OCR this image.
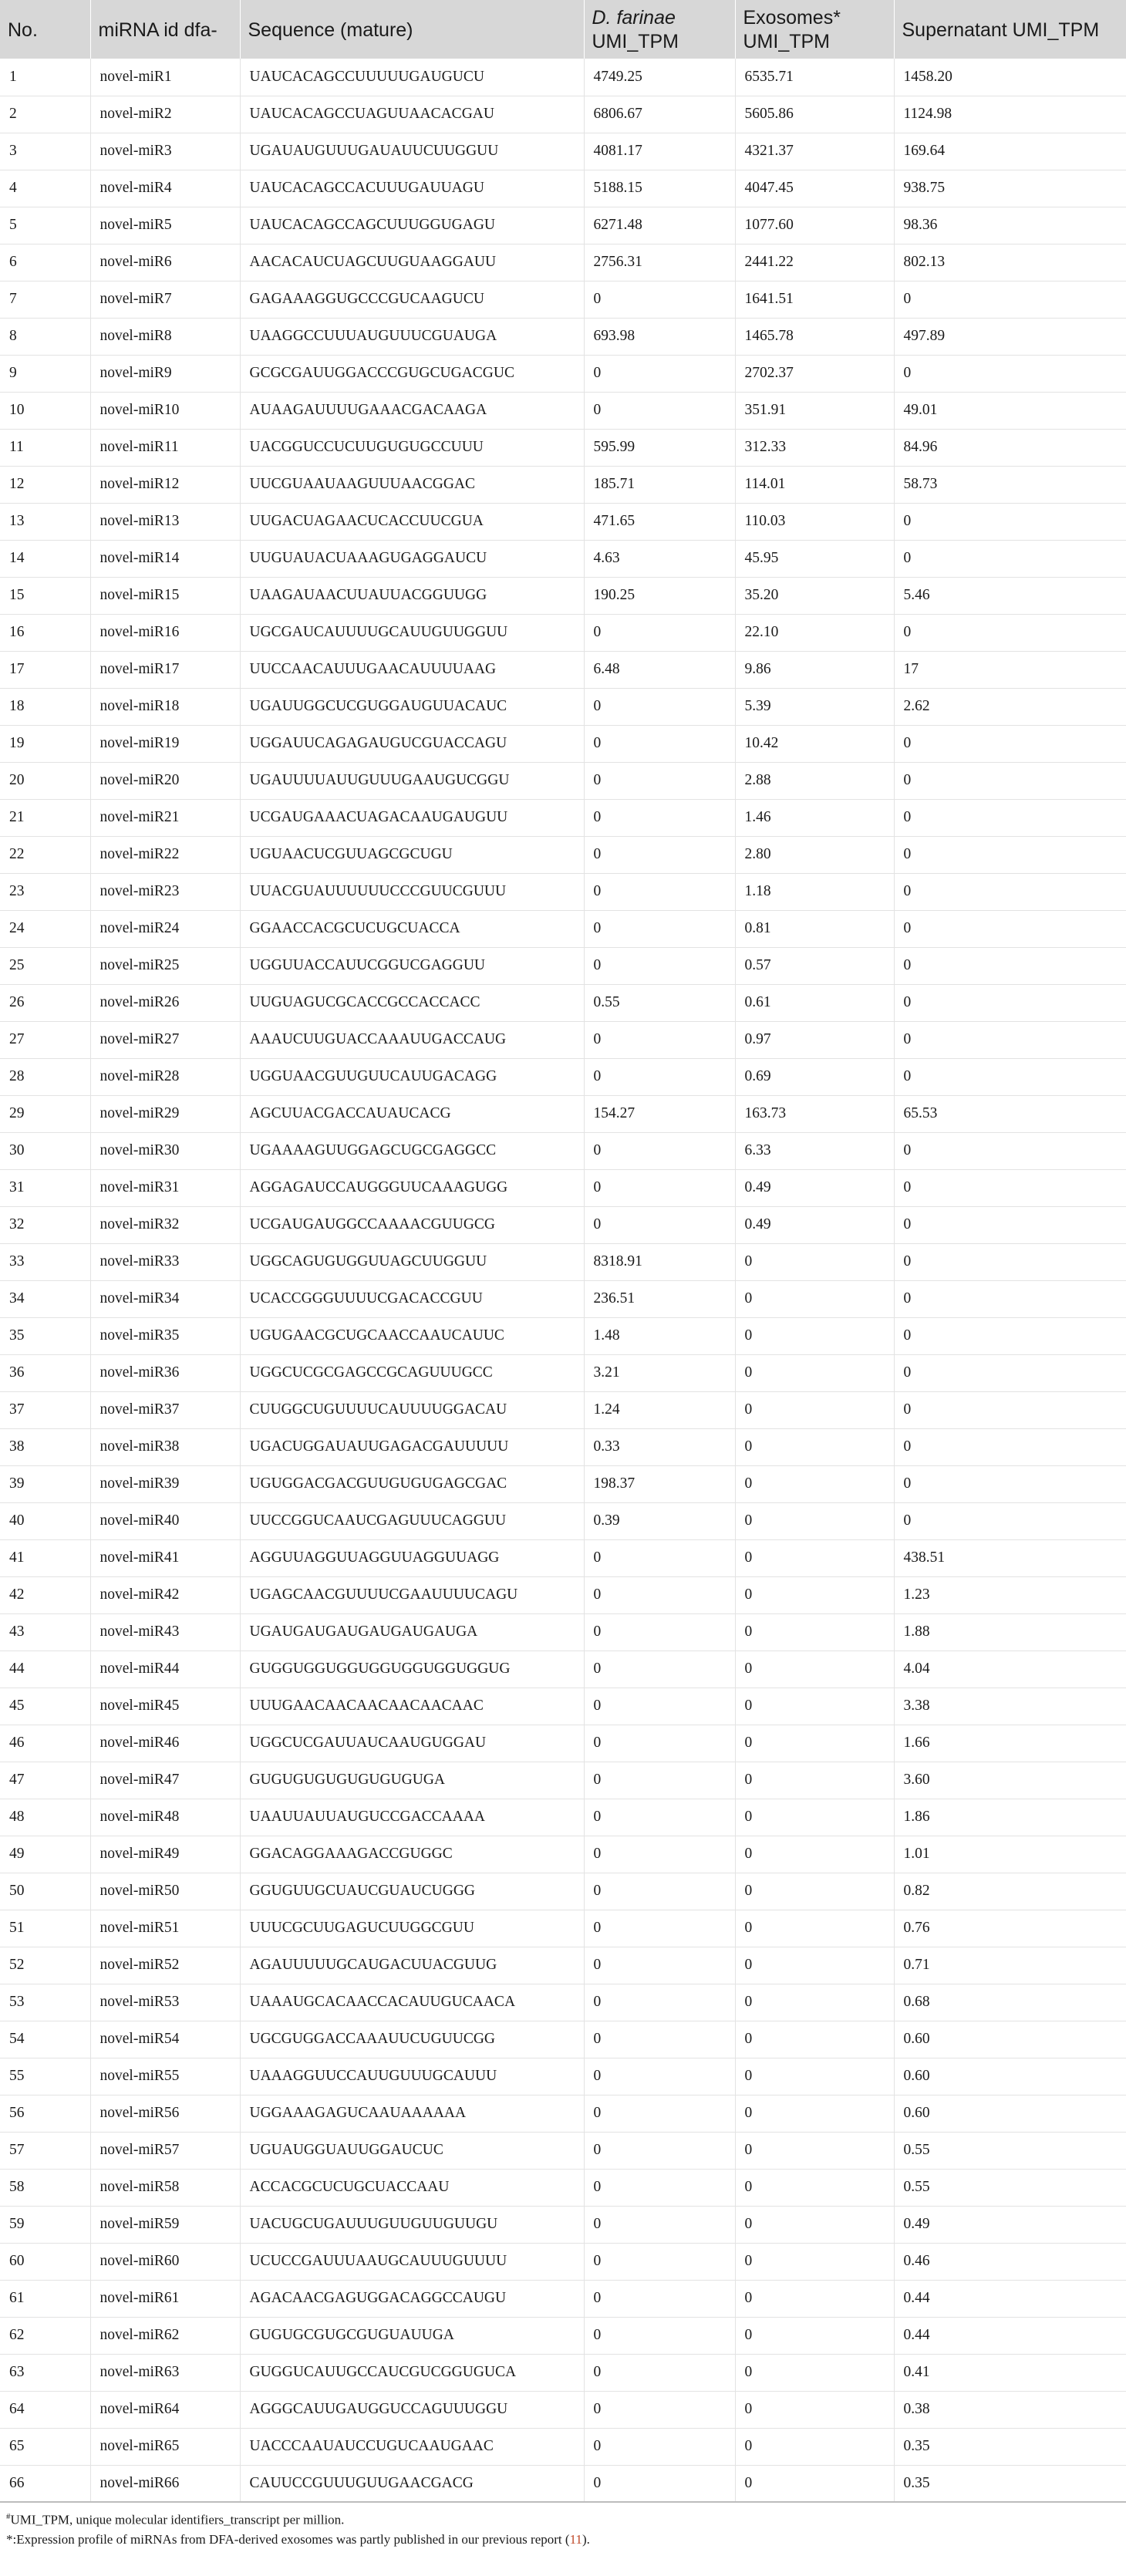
No.	miRNA id dfa-	Sequence (mature)	D. farinae UMI_TPM	Exosomes* UMI_TPM	Supernatant UMI_TPM
1	novel-miR1	UAUCACAGCCUUUUUGAUGUCU	4749.25	6535.71	1458.20
2	novel-miR2	UAUCACAGCCUAGUUAACACGAU	6806.67	5605.86	1124.98
3	novel-miR3	UGAUAUGUUUGAUAUUCUUGGUU	4081.17	4321.37	169.64
4	novel-miR4	UAUCACAGCCACUUUGAUUAGU	5188.15	4047.45	938.75
5	novel-miR5	UAUCACAGCCAGCUUUGGUGAGU	6271.48	1077.60	98.36
6	novel-miR6	AACACAUCUAGCUUGUAAGGAUU	2756.31	2441.22	802.13
7	novel-miR7	GAGAAAGGUGCCCGUCAAGUCU	0	1641.51	0
8	novel-miR8	UAAGGCCUUUAUGUUUCGUAUGA	693.98	1465.78	497.89
9	novel-miR9	GCGCGAUUGGACCCGUGCUGACGUC	0	2702.37	0
10	novel-miR10	AUAAGAUUUUGAAACGACAAGA	0	351.91	49.01
11	novel-miR11	UACGGUCCUCUUGUGUGCCUUU	595.99	312.33	84.96
12	novel-miR12	UUCGUAAUAAGUUUAACGGAC	185.71	114.01	58.73
13	novel-miR13	UUGACUAGAACUCACCUUCGUA	471.65	110.03	0
14	novel-miR14	UUGUAUACUAAAGUGAGGAUCU	4.63	45.95	0
15	novel-miR15	UAAGAUAACUUAUUACGGUUGG	190.25	35.20	5.46
16	novel-miR16	UGCGAUCAUUUUGCAUUGUUGGUU	0	22.10	0
17	novel-miR17	UUCCAACAUUUGAACAUUUUAAG	6.48	9.86	17
18	novel-miR18	UGAUUGGCUCGUGGAUGUUACAUC	0	5.39	2.62
19	novel-miR19	UGGAUUCAGAGAUGUCGUACCAGU	0	10.42	0
20	novel-miR20	UGAUUUUAUUGUUUGAAUGUCGGU	0	2.88	0
21	novel-miR21	UCGAUGAAACUAGACAAUGAUGUU	0	1.46	0
22	novel-miR22	UGUAACUCGUUAGCGCUGU	0	2.80	0
23	novel-miR23	UUACGUAUUUUUUCCCGUUCGUUU	0	1.18	0
24	novel-miR24	GGAACCACGCUCUGCUACCA	0	0.81	0
25	novel-miR25	UGGUUACCAUUCGGUCGAGGUU	0	0.57	0
26	novel-miR26	UUGUAGUCGCACCGCCACCACC	0.55	0.61	0
27	novel-miR27	AAAUCUUGUACCAAAUUGACCAUG	0	0.97	0
28	novel-miR28	UGGUAACGUUGUUCAUUGACAGG	0	0.69	0
29	novel-miR29	AGCUUACGACCAUAUCACG	154.27	163.73	65.53
30	novel-miR30	UGAAAAGUUGGAGCUGCGAGGCC	0	6.33	0
31	novel-miR31	AGGAGAUCCAUGGGUUCAAAGUGG	0	0.49	0
32	novel-miR32	UCGAUGAUGGCCAAAACGUUGCG	0	0.49	0
33	novel-miR33	UGGCAGUGUGGUUAGCUUGGUU	8318.91	0	0
34	novel-miR34	UCACCGGGUUUUCGACACCGUU	236.51	0	0
35	novel-miR35	UGUGAACGCUGCAACCAAUCAUUC	1.48	0	0
36	novel-miR36	UGGCUCGCGAGCCGCAGUUUGCC	3.21	0	0
37	novel-miR37	CUUGGCUGUUUUCAUUUUGGACAU	1.24	0	0
38	novel-miR38	UGACUGGAUAUUGAGACGAUUUUU	0.33	0	0
39	novel-miR39	UGUGGACGACGUUGUGUGAGCGAC	198.37	0	0
40	novel-miR40	UUCCGGUCAAUCGAGUUUCAGGUU	0.39	0	0
41	novel-miR41	AGGUUAGGUUAGGUUAGGUUAGG	0	0	438.51
42	novel-miR42	UGAGCAACGUUUUCGAAUUUUCAGU	0	0	1.23
43	novel-miR43	UGAUGAUGAUGAUGAUGAUGA	0	0	1.88
44	novel-miR44	GUGGUGGUGGUGGUGGUGGUGGUG	0	0	4.04
45	novel-miR45	UUUGAACAACAACAACAACAAC	0	0	3.38
46	novel-miR46	UGGCUCGAUUAUCAAUGUGGAU	0	0	1.66
47	novel-miR47	GUGUGUGUGUGUGUGUGA	0	0	3.60
48	novel-miR48	UAAUUAUUAUGUCCGACCAAAA	0	0	1.86
49	novel-miR49	GGACAGGAAAGACCGUGGC	0	0	1.01
50	novel-miR50	GGUGUUGCUAUCGUAUCUGGG	0	0	0.82
51	novel-miR51	UUUCGCUUGAGUCUUGGCGUU	0	0	0.76
52	novel-miR52	AGAUUUUUGCAUGACUUACGUUG	0	0	0.71
53	novel-miR53	UAAAUGCACAACCACAUUGUCAACA	0	0	0.68
54	novel-miR54	UGCGUGGACCAAAUUCUGUUCGG	0	0	0.60
55	novel-miR55	UAAAGGUUCCAUUGUUUGCAUUU	0	0	0.60
56	novel-miR56	UGGAAAGAGUCAAUAAAAAA	0	0	0.60
57	novel-miR57	UGUAUGGUAUUGGAUCUC	0	0	0.55
58	novel-miR58	ACCACGCUCUGCUACCAAU	0	0	0.55
59	novel-miR59	UACUGCUGAUUUGUUGUUGUUGU	0	0	0.49
60	novel-miR60	UCUCCGAUUUAAUGCAUUUGUUUU	0	0	0.46
61	novel-miR61	AGACAACGAGUGGACAGGCCAUGU	0	0	0.44
62	novel-miR62	GUGUGCGUGCGUGUAUUGA	0	0	0.44
63	novel-miR63	GUGGUCAUUGCCAUCGUCGGUGUCA	0	0	0.41
64	novel-miR64	AGGGCAUUGAUGGUCCAGUUUGGU	0	0	0.38
65	novel-miR65	UACCCAAUAUCCUGUCAAUGAAC	0	0	0.35
66	novel-miR66	CAUUCCGUUUGUUGAACGACG	0	0	0.35

#UMI_TPM, unique molecular identifiers_transcript per million.

*:Expression profile of miRNAs from DFA-derived exosomes was partly published in our previous report (11).
